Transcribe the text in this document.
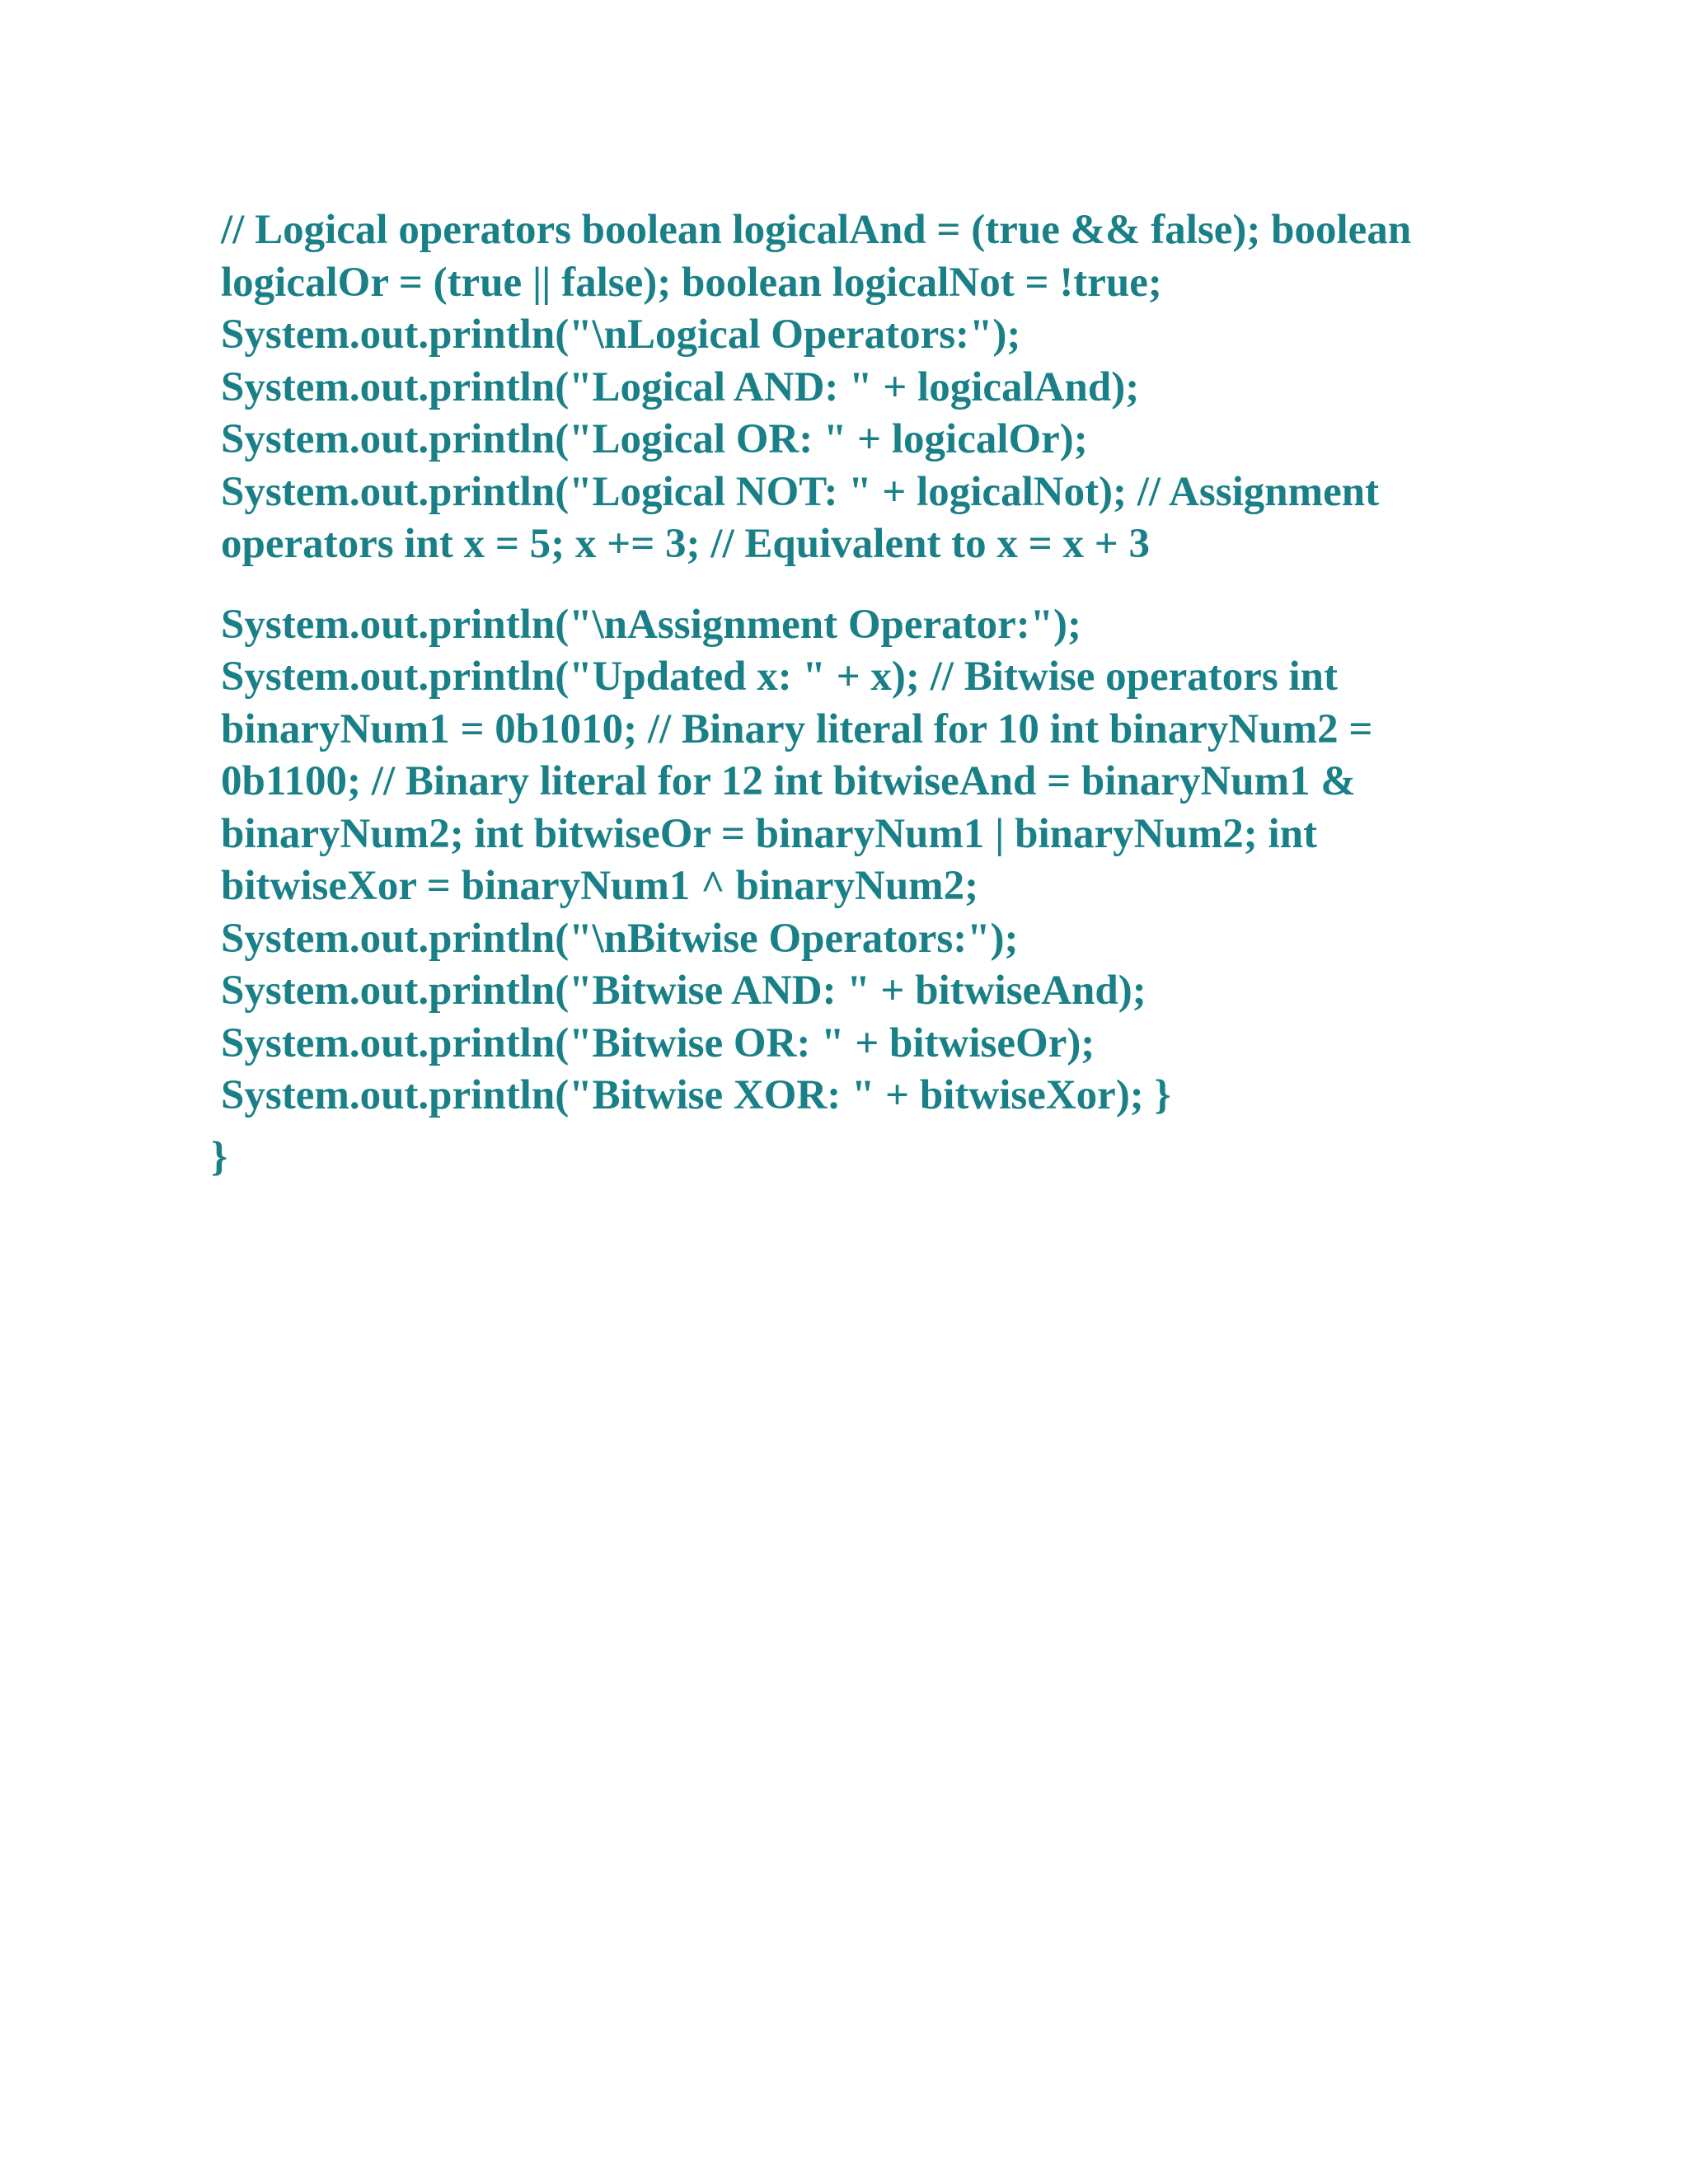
// Logical operators boolean logicalAnd = (true && false); boolean
logicalOr = (true || false); boolean logicalNot = !true;
System.out.println("\nLogical Operators:");
System.out.println("Logical AND: " + logicalAnd);
System.out.println("Logical OR: " + logicalOr);
System.out.println("Logical NOT: " + logicalNot); // Assignment
operators int x = 5; x += 3; // Equivalent to x = x + 3
System.out.println("\nAssignment Operator:");
System.out.println("Updated x: " + x); // Bitwise operators int
binaryNum1 = 0b1010; // Binary literal for 10 int binaryNum2 =
0b1100; // Binary literal for 12 int bitwiseAnd = binaryNum1 &
binaryNum2; int bitwiseOr = binaryNum1 | binaryNum2; int
bitwiseXor = binaryNum1 ^ binaryNum2;
System.out.println("\nBitwise Operators:");
System.out.println("Bitwise AND: " + bitwiseAnd);
System.out.println("Bitwise OR: " + bitwiseOr);
System.out.println("Bitwise XOR: " + bitwiseXor); }
}
